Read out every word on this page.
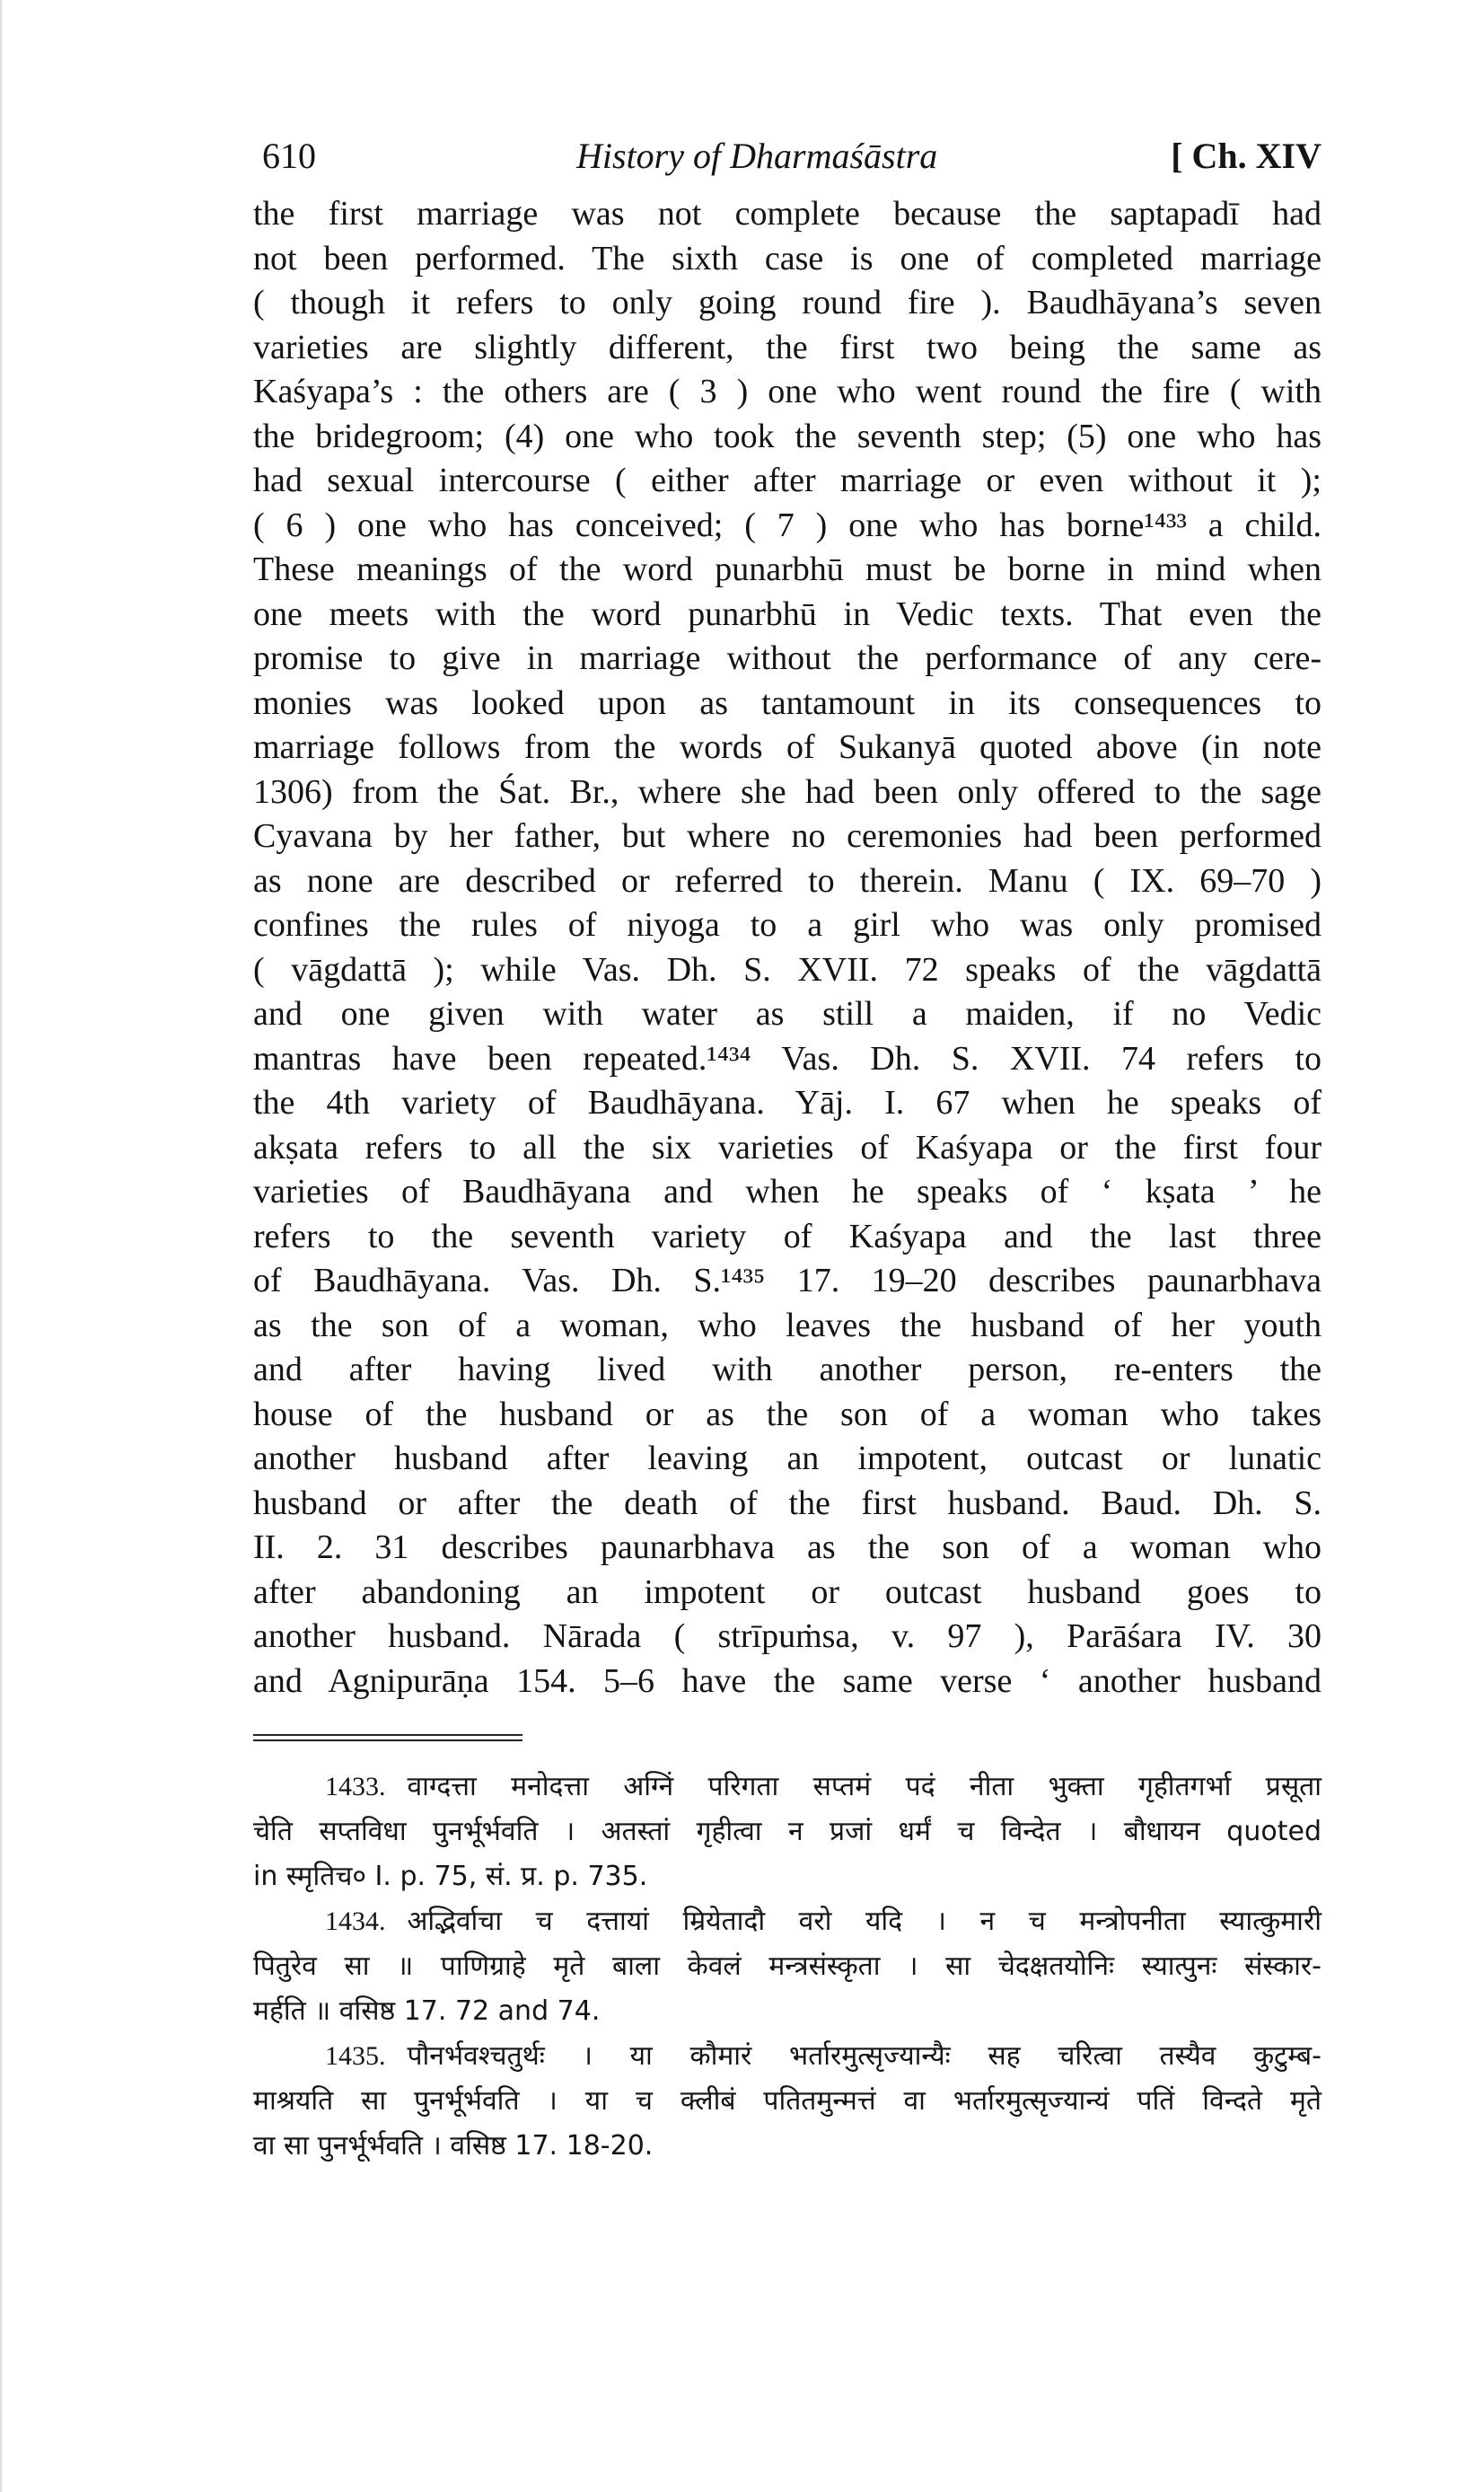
610	History of Dharmaśāstra	[ Ch. XIV
the first marriage was not complete because the saptapadī had
not been performed. The sixth case is one of completed marriage
( though it refers to only going round fire ). Baudhāyana’s seven
varieties are slightly different, the first two being the same as
Kaśyapa’s : the others are ( 3 ) one who went round the fire ( with
the bridegroom; (4) one who took the seventh step; (5) one who has
had sexual intercourse ( either after marriage or even without it );
( 6 ) one who has conceived; ( 7 ) one who has borne¹⁴³³ a child.
These meanings of the word punarbhū must be borne in mind when
one meets with the word punarbhū in Vedic texts. That even the
promise to give in marriage without the performance of any cere-
monies was looked upon as tantamount in its consequences to
marriage follows from the words of Sukanyā quoted above (in note
1306) from the Śat. Br., where she had been only offered to the sage
Cyavana by her father, but where no ceremonies had been performed
as none are described or referred to therein. Manu ( IX. 69–70 )
confines the rules of niyoga to a girl who was only promised
( vāgdattā ); while Vas. Dh. S. XVII. 72 speaks of the vāgdattā
and one given with water as still a maiden, if no Vedic
mantras have been repeated.¹⁴³⁴ Vas. Dh. S. XVII. 74 refers to
the 4th variety of Baudhāyana. Yāj. I. 67 when he speaks of
akṣata refers to all the six varieties of Kaśyapa or the first four
varieties of Baudhāyana and when he speaks of ‘ kṣata ’ he
refers to the seventh variety of Kaśyapa and the last three
of Baudhāyana. Vas. Dh. S.¹⁴³⁵ 17. 19–20 describes paunarbhava
as the son of a woman, who leaves the husband of her youth
and after having lived with another person, re-enters the
house of the husband or as the son of a woman who takes
another husband after leaving an impotent, outcast or lunatic
husband or after the death of the first husband. Baud. Dh. S.
II. 2. 31 describes paunarbhava as the son of a woman who
after abandoning an impotent or outcast husband goes to
another husband. Nārada ( strīpuṁsa, v. 97 ), Parāśara IV. 30
and Agnipurāṇa 154. 5–6 have the same verse ‘ another husband
1433. वाग्दत्ता मनोदत्ता अग्निं परिगता सप्तमं पदं नीता भुक्ता गृहीतगर्भा प्रसूता
चेति सप्तविधा पुनर्भूर्भवति । अतस्तां गृहीत्वा न प्रजां धर्मं च विन्देत । बौधायन quoted
in स्मृतिच० I. p. 75, सं. प्र. p. 735.
1434. अद्भिर्वाचा च दत्तायां म्रियेतादौ वरो यदि । न च मन्त्रोपनीता स्यात्कुमारी
पितुरेव सा ॥ पाणिग्राहे मृते बाला केवलं मन्त्रसंस्कृता । सा चेदक्षतयोनिः स्यात्पुनः संस्कार-
मर्हति ॥ वसिष्ठ 17. 72 and 74.
1435. पौनर्भवश्चतुर्थः । या कौमारं भर्तारमुत्सृज्यान्यैः सह चरित्वा तस्यैव कुटुम्ब-
माश्रयति सा पुनर्भूर्भवति । या च क्लीबं पतितमुन्मत्तं वा भर्तारमुत्सृज्यान्यं पतिं विन्दते मृते
वा सा पुनर्भूर्भवति । वसिष्ठ 17. 18-20.
